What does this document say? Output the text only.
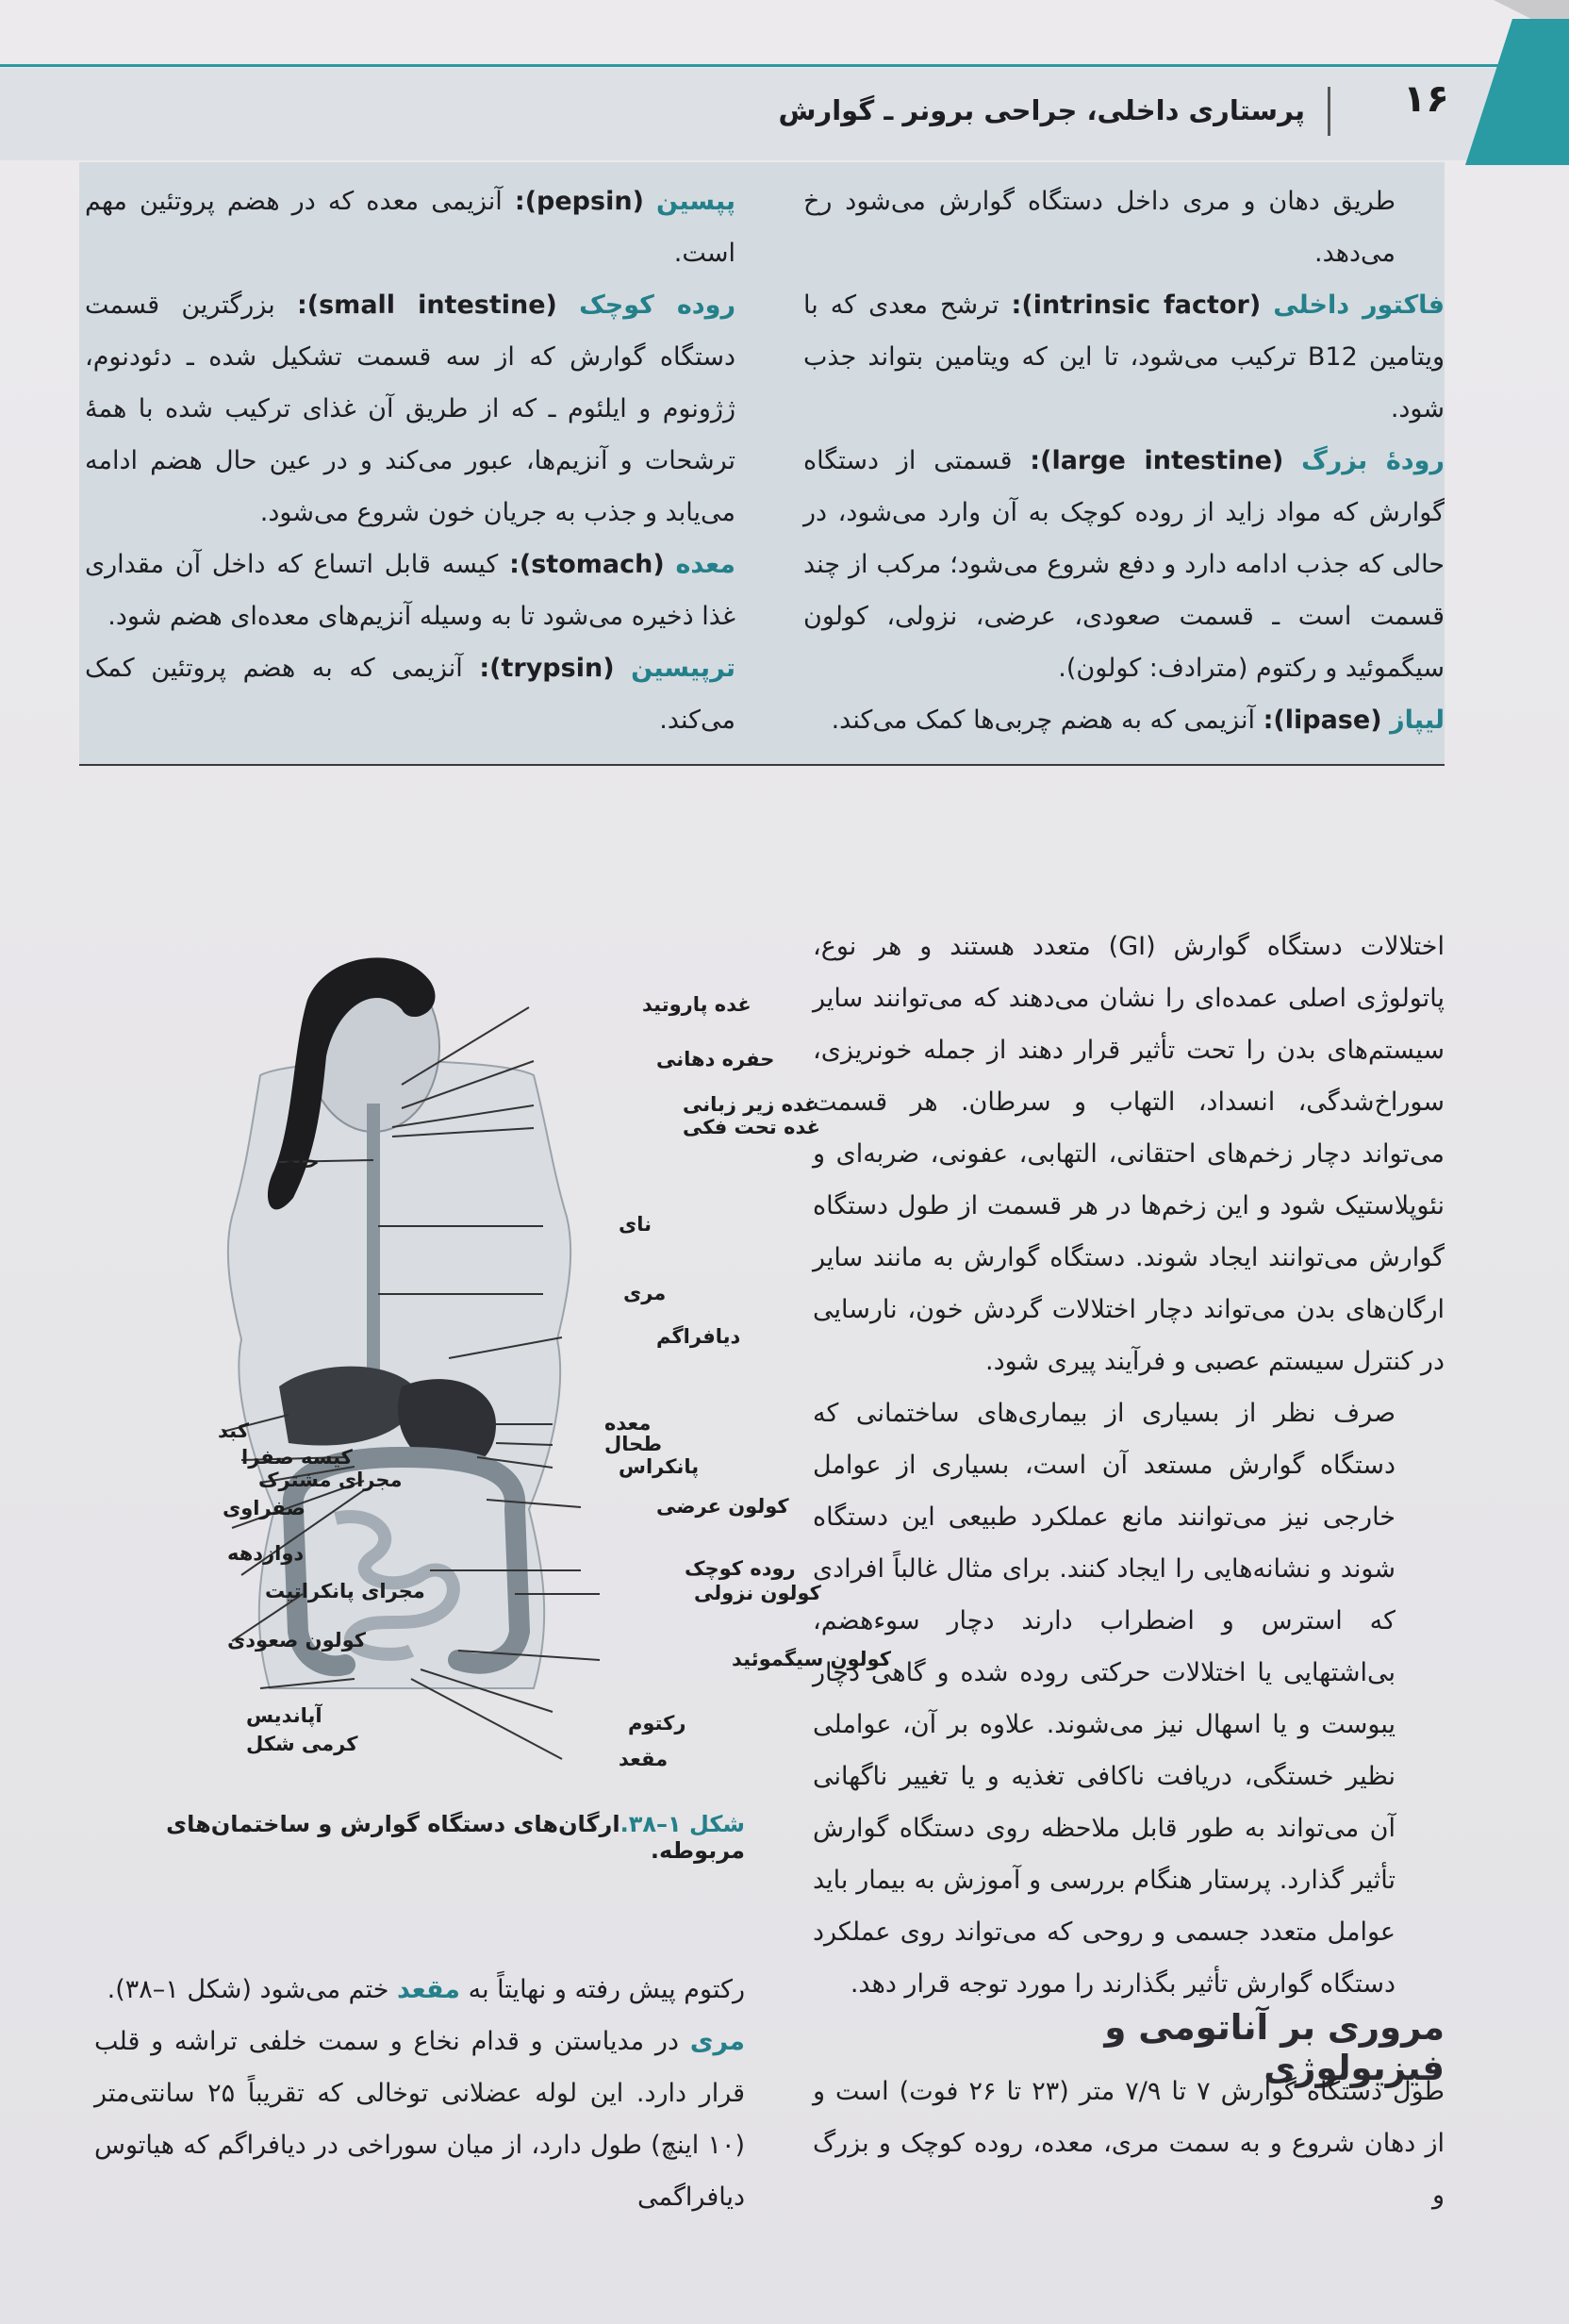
۱۶
پرستاری داخلی، جراحی برونر ـ گوارش

طریق دهان و مری داخل دستگاه گوارش می‌شود رخ می‌دهد.

فاکتور داخلی (intrinsic factor): ترشح معدی که با ویتامین B12 ترکیب می‌شود، تا این که ویتامین بتواند جذب شود.

رودهٔ بزرگ (large intestine): قسمتی از دستگاه گوارش که مواد زاید از روده کوچک به آن وارد می‌شود، در حالی که جذب ادامه دارد و دفع شروع می‌شود؛ مرکب از چند قسمت است ـ قسمت صعودی، عرضی، نزولی، کولون سیگموئید و رکتوم (مترادف: کولون).

لیپاز (lipase): آنزیمی که به هضم چربی‌ها کمک می‌کند.

پپسین (pepsin): آنزیمی معده که در هضم پروتئین مهم است.

روده کوچک (small intestine): بزرگترین قسمت دستگاه گوارش که از سه قسمت تشکیل شده ـ دئودنوم، ژژونوم و ایلئوم ـ که از طریق آن غذای ترکیب شده با همهٔ ترشحات و آنزیم‌ها، عبور می‌کند و در عین حال هضم ادامه می‌یابد و جذب به جریان خون شروع می‌شود.

معده (stomach): کیسه قابل اتساع که داخل آن مقداری غذا ذخیره می‌شود تا به وسیله آنزیم‌های معده‌ای هضم شود.

ترپیسین (trypsin): آنزیمی که به هضم پروتئین کمک می‌کند.

اختلالات دستگاه گوارش (GI) متعدد هستند و هر نوع، پاتولوژی اصلی عمده‌ای را نشان می‌دهند که می‌توانند سایر سیستم‌های بدن را تحت تأثیر قرار دهند از جمله خونریزی، سوراخ‌شدگی، انسداد، التهاب و سرطان. هر قسمت می‌تواند دچار زخم‌های احتقانی، التهابی، عفونی، ضربه‌ای و نئوپلاستیک شود و این زخم‌ها در هر قسمت از طول دستگاه گوارش می‌توانند ایجاد شوند. دستگاه گوارش به مانند سایر ارگان‌های بدن می‌تواند دچار اختلالات گردش خون، نارسایی در کنترل سیستم عصبی و فرآیند پیری شود.

صرف نظر از بسیاری از بیماری‌های ساختمانی که دستگاه گوارش مستعد آن است، بسیاری از عوامل خارجی نیز می‌توانند مانع عملکرد طبیعی این دستگاه شوند و نشانه‌هایی را ایجاد کنند. برای مثال غالباً افرادی که استرس و اضطراب دارند دچار سوءهضم، بی‌اشتهایی یا اختلالات حرکتی روده شده و گاهی دچار یبوست و یا اسهال نیز می‌شوند. علاوه بر آن، عواملی نظیر خستگی، دریافت ناکافی تغذیه و یا تغییر ناگهانی آن می‌تواند به طور قابل ملاحظه روی دستگاه گوارش تأثیر گذارد. پرستار هنگام بررسی و آموزش به بیمار باید عوامل متعدد جسمی و روحی که می‌تواند روی عملکرد دستگاه گوارش تأثیر بگذارند را مورد توجه قرار دهد.

مروری بر آناتومی و فیزیولوژی

طول دستگاه گوارش ۷ تا ۷/۹ متر (۲۳ تا ۲۶ فوت) است و از دهان شروع و به سمت مری، معده، روده کوچک و بزرگ و

غده پاروتید
حفره دهانی
غده زیر زبانی
غده تحت فکی
نای
مری
دیافراگم
معده
طحال
پانکراس
کولون عرضی
روده کوچک
کولون نزولی
کولون سیگموئید
رکتوم
مقعد
حلق
کبد
کیسه صفرا
مجرای مشترک
صفراوی
دوازدهه
مجرای پانکراتیت
کولون صعودی
آپاندیس
کرمی شکل
شکل ۱–۳۸.ارگان‌های دستگاه گوارش و ساختمان‌های مربوطه.

رکتوم پیش رفته و نهایتاً به مقعد ختم می‌شود (شکل ۱–۳۸).

مری در مدیاستن و قدام نخاع و سمت خلفی تراشه و قلب قرار دارد. این لوله عضلانی توخالی که تقریباً ۲۵ سانتی‌متر (۱۰ اینچ) طول دارد، از میان سوراخی در دیافراگم که هیاتوس دیافراگمی
